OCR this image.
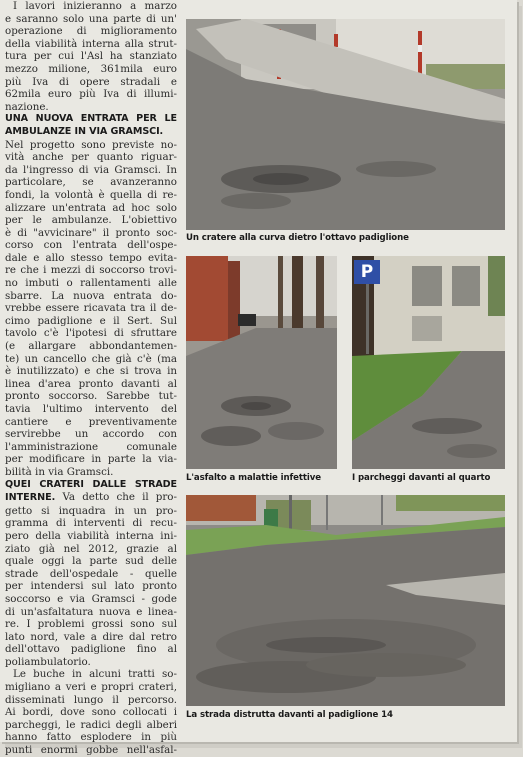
I lavori inizieranno a marzo
e saranno solo una parte di un'
operazione di miglioramento
della viabilità interna alla strut-
tura per cui l'Asl ha stanziato
mezzo milione, 361mila euro
più Iva di opere stradali e
62mila euro più Iva di illumi-
nazione.
UNA NUOVA ENTRATA PER LE
AMBULANZE IN VIA GRAMSCI.
Nel progetto sono previste no-
vità anche per quanto riguar-
da l'ingresso di via Gramsci. In
particolare, se avanzeranno
fondi, la volontà è quella di re-
alizzare un'entrata ad hoc solo
per le ambulanze. L'obiettivo
è di "avvicinare" il pronto soc-
corso con l'entrata dell'ospe-
dale e allo stesso tempo evita-
re che i mezzi di soccorso trovi-
no imbuti o rallentamenti alle
sbarre. La nuova entrata do-
vrebbe essere ricavata tra il de-
cimo padiglione e il Sert. Sul
tavolo c'è l'ipotesi di sfruttare
(e allargare abbondantemen-
te) un cancello che già c'è (ma
è inutilizzato) e che si trova in
linea d'area pronto davanti al
pronto soccorso. Sarebbe tut-
tavia l'ultimo intervento del
cantiere e preventivamente
servirebbe un accordo con
l'amministrazione comunale
per modificare in parte la via-
bilità in via Gramsci.
QUEI CRATERI DALLE STRADE
INTERNE. Va detto che il pro-
getto si inquadra in un pro-
gramma di interventi di recu-
pero della viabilità interna ini-
ziato già nel 2012, grazie al
quale oggi la parte sud delle
strade dell'ospedale - quelle
per intendersi sul lato pronto
soccorso e via Gramsci - gode
di un'asfaltatura nuova e linea-
re. I problemi grossi sono sul
lato nord, vale a dire dal retro
dell'ottavo padiglione fino al
poliambulatorio.
Le buche in alcuni tratti so-
migliano a veri e propri crateri,
disseminati lungo il percorso.
Ai bordi, dove sono collocati i
parcheggi, le radici degli alberi
hanno fatto esplodere in più
punti enormi gobbe nell'asfal-
Un cratere alla curva dietro l'ottavo padiglione
L'asfalto a malattie infettive
P
I parcheggi davanti al quarto
La strada distrutta davanti al padiglione 14
